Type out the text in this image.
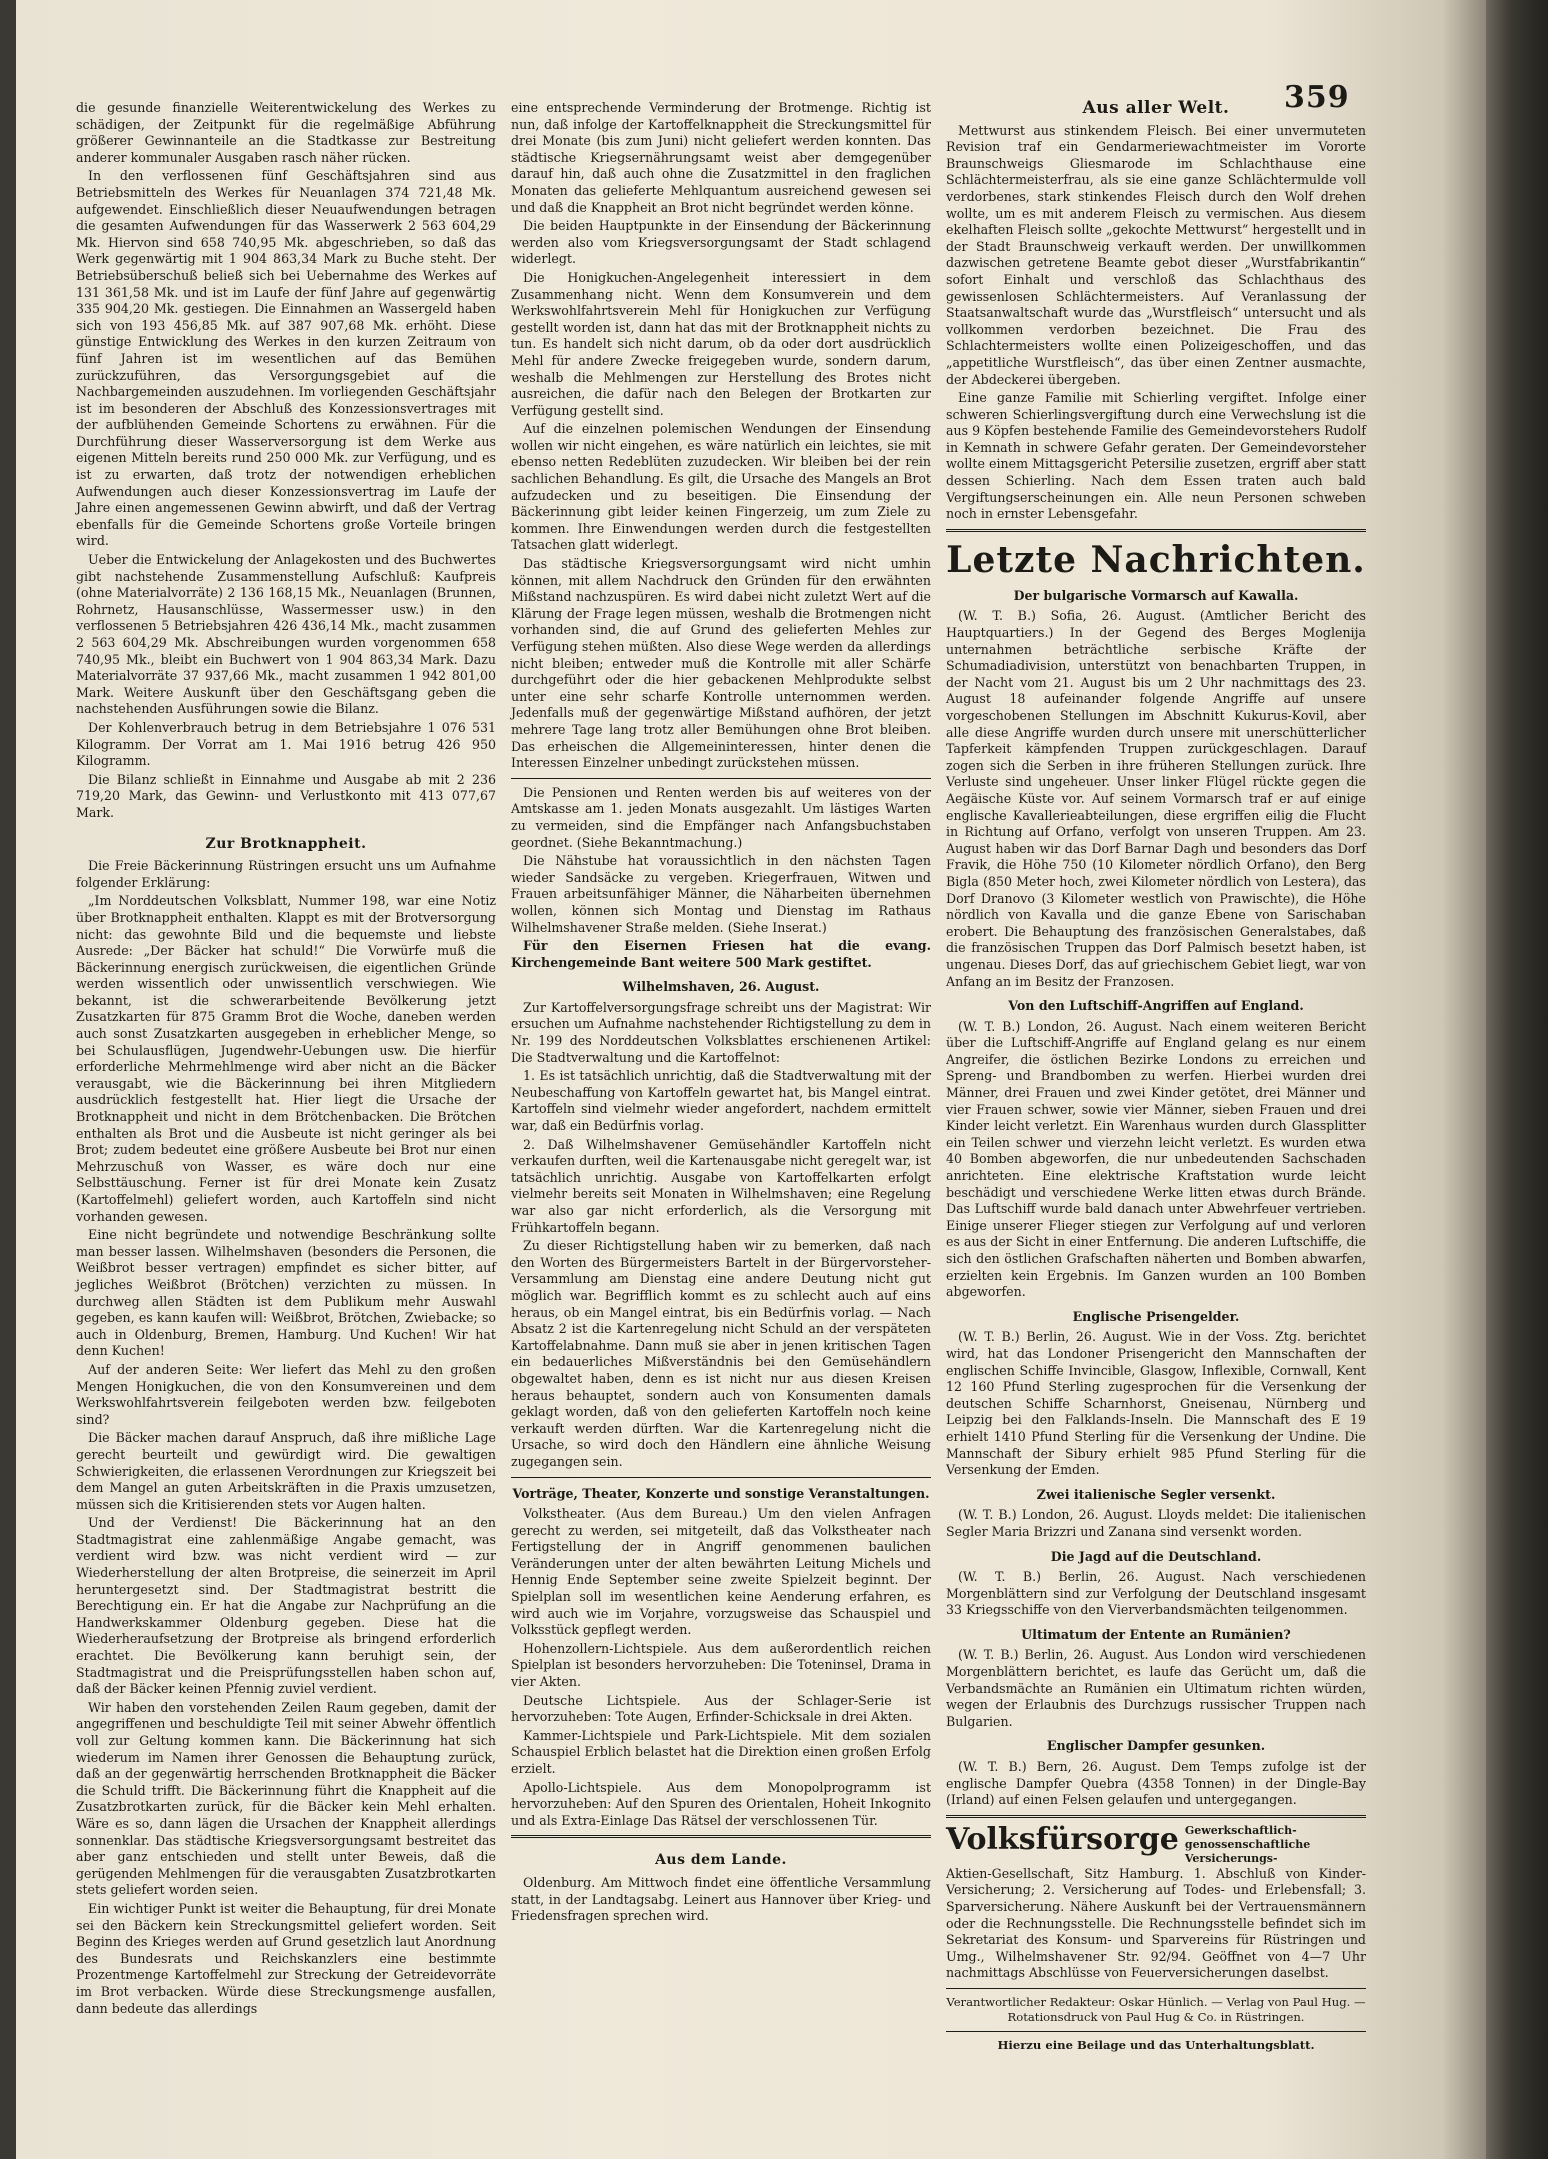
359

die gesunde finanzielle Weiterentwickelung des Werkes zu schädigen, der Zeitpunkt für die regelmäßige Abführung größerer Gewinnanteile an die Stadtkasse zur Bestreitung anderer kommunaler Ausgaben rasch näher rücken.

In den verflossenen fünf Geschäftsjahren sind aus Betriebsmitteln des Werkes für Neuanlagen 374 721,48 Mk. aufgewendet. Einschließlich dieser Neuaufwendungen betragen die gesamten Aufwendungen für das Wasserwerk 2 563 604,29 Mk. Hiervon sind 658 740,95 Mk. abgeschrieben, so daß das Werk gegenwärtig mit 1 904 863,34 Mark zu Buche steht. Der Betriebsüberschuß beließ sich bei Uebernahme des Werkes auf 131 361,58 Mk. und ist im Laufe der fünf Jahre auf gegenwärtig 335 904,20 Mk. gestiegen. Die Einnahmen an Wassergeld haben sich von 193 456,85 Mk. auf 387 907,68 Mk. erhöht. Diese günstige Entwicklung des Werkes in den kurzen Zeitraum von fünf Jahren ist im wesentlichen auf das Bemühen zurückzuführen, das Versorgungsgebiet auf die Nachbargemeinden auszudehnen. Im vorliegenden Geschäftsjahr ist im besonderen der Abschluß des Konzessionsvertrages mit der aufblühenden Gemeinde Schortens zu erwähnen. Für die Durchführung dieser Wasserversorgung ist dem Werke aus eigenen Mitteln bereits rund 250 000 Mk. zur Verfügung, und es ist zu erwarten, daß trotz der notwendigen erheblichen Aufwendungen auch dieser Konzessionsvertrag im Laufe der Jahre einen angemessenen Gewinn abwirft, und daß der Vertrag ebenfalls für die Gemeinde Schortens große Vorteile bringen wird.

Ueber die Entwickelung der Anlagekosten und des Buchwertes gibt nachstehende Zusammenstellung Aufschluß: Kaufpreis (ohne Materialvorräte) 2 136 168,15 Mk., Neuanlagen (Brunnen, Rohrnetz, Hausanschlüsse, Wassermesser usw.) in den verflossenen 5 Betriebsjahren 426 436,14 Mk., macht zusammen 2 563 604,29 Mk. Abschreibungen wurden vorgenommen 658 740,95 Mk., bleibt ein Buchwert von 1 904 863,34 Mark. Dazu Materialvorräte 37 937,66 Mk., macht zusammen 1 942 801,00 Mark. Weitere Auskunft über den Geschäftsgang geben die nachstehenden Ausführungen sowie die Bilanz.

Der Kohlenverbrauch betrug in dem Betriebsjahre 1 076 531 Kilogramm. Der Vorrat am 1. Mai 1916 betrug 426 950 Kilogramm.

Die Bilanz schließt in Einnahme und Ausgabe ab mit 2 236 719,20 Mark, das Gewinn- und Verlustkonto mit 413 077,67 Mark.

Zur Brotknappheit.

Die Freie Bäckerinnung Rüstringen ersucht uns um Aufnahme folgender Erklärung:

„Im Norddeutschen Volksblatt, Nummer 198, war eine Notiz über Brotknappheit enthalten. Klappt es mit der Brotversorgung nicht: das gewohnte Bild und die bequemste und liebste Ausrede: „Der Bäcker hat schuld!“ Die Vorwürfe muß die Bäckerinnung energisch zurückweisen, die eigentlichen Gründe werden wissentlich oder unwissentlich verschwiegen. Wie bekannt, ist die schwerarbeitende Bevölkerung jetzt Zusatzkarten für 875 Gramm Brot die Woche, daneben werden auch sonst Zusatzkarten ausgegeben in erheblicher Menge, so bei Schulausflügen, Jugendwehr-Uebungen usw. Die hierfür erforderliche Mehrmehlmenge wird aber nicht an die Bäcker verausgabt, wie die Bäckerinnung bei ihren Mitgliedern ausdrücklich festgestellt hat. Hier liegt die Ursache der Brotknappheit und nicht in dem Brötchenbacken. Die Brötchen enthalten als Brot und die Ausbeute ist nicht geringer als bei Brot; zudem bedeutet eine größere Ausbeute bei Brot nur einen Mehrzuschuß von Wasser, es wäre doch nur eine Selbsttäuschung. Ferner ist für drei Monate kein Zusatz (Kartoffelmehl) geliefert worden, auch Kartoffeln sind nicht vorhanden gewesen.

Eine nicht begründete und notwendige Beschränkung sollte man besser lassen. Wilhelmshaven (besonders die Personen, die Weißbrot besser vertragen) empfindet es sicher bitter, auf jegliches Weißbrot (Brötchen) verzichten zu müssen. In durchweg allen Städten ist dem Publikum mehr Auswahl gegeben, es kann kaufen will: Weißbrot, Brötchen, Zwiebacke; so auch in Oldenburg, Bremen, Hamburg. Und Kuchen! Wir hat denn Kuchen!

Auf der anderen Seite: Wer liefert das Mehl zu den großen Mengen Honigkuchen, die von den Konsumvereinen und dem Werkswohlfahrtsverein feilgeboten werden bzw. feilgeboten sind?

Die Bäcker machen darauf Anspruch, daß ihre mißliche Lage gerecht beurteilt und gewürdigt wird. Die gewaltigen Schwierigkeiten, die erlassenen Verordnungen zur Kriegszeit bei dem Mangel an guten Arbeitskräften in die Praxis umzusetzen, müssen sich die Kritisierenden stets vor Augen halten.

Und der Verdienst! Die Bäckerinnung hat an den Stadtmagistrat eine zahlenmäßige Angabe gemacht, was verdient wird bzw. was nicht verdient wird — zur Wiederherstellung der alten Brotpreise, die seinerzeit im April heruntergesetzt sind. Der Stadtmagistrat bestritt die Berechtigung ein. Er hat die Angabe zur Nachprüfung an die Handwerkskammer Oldenburg gegeben. Diese hat die Wiederheraufsetzung der Brotpreise als bringend erforderlich erachtet. Die Bevölkerung kann beruhigt sein, der Stadtmagistrat und die Preisprüfungsstellen haben schon auf, daß der Bäcker keinen Pfennig zuviel verdient.

Wir haben den vorstehenden Zeilen Raum gegeben, damit der angegriffenen und beschuldigte Teil mit seiner Abwehr öffentlich voll zur Geltung kommen kann. Die Bäckerinnung hat sich wiederum im Namen ihrer Genossen die Behauptung zurück, daß an der gegenwärtig herrschenden Brotknappheit die Bäcker die Schuld trifft. Die Bäckerinnung führt die Knappheit auf die Zusatzbrotkarten zurück, für die Bäcker kein Mehl erhalten. Wäre es so, dann lägen die Ursachen der Knappheit allerdings sonnenklar. Das städtische Kriegsversorgungsamt bestreitet das aber ganz entschieden und stellt unter Beweis, daß die gerügenden Mehlmengen für die verausgabten Zusatzbrotkarten stets geliefert worden seien.

Ein wichtiger Punkt ist weiter die Behauptung, für drei Monate sei den Bäckern kein Streckungsmittel geliefert worden. Seit Beginn des Krieges werden auf Grund gesetzlich laut Anordnung des Bundesrats und Reichskanzlers eine bestimmte Prozentmenge Kartoffelmehl zur Streckung der Getreidevorräte im Brot verbacken. Würde diese Streckungsmenge ausfallen, dann bedeute das allerdings

eine entsprechende Verminderung der Brotmenge. Richtig ist nun, daß infolge der Kartoffelknappheit die Streckungsmittel für drei Monate (bis zum Juni) nicht geliefert werden konnten. Das städtische Kriegsernährungsamt weist aber demgegenüber darauf hin, daß auch ohne die Zusatzmittel in den fraglichen Monaten das gelieferte Mehlquantum ausreichend gewesen sei und daß die Knappheit an Brot nicht begründet werden könne.

Die beiden Hauptpunkte in der Einsendung der Bäckerinnung werden also vom Kriegsversorgungsamt der Stadt schlagend widerlegt.

Die Honigkuchen-Angelegenheit interessiert in dem Zusammenhang nicht. Wenn dem Konsumverein und dem Werkswohlfahrtsverein Mehl für Honigkuchen zur Verfügung gestellt worden ist, dann hat das mit der Brotknappheit nichts zu tun. Es handelt sich nicht darum, ob da oder dort ausdrücklich Mehl für andere Zwecke freigegeben wurde, sondern darum, weshalb die Mehlmengen zur Herstellung des Brotes nicht ausreichen, die dafür nach den Belegen der Brotkarten zur Verfügung gestellt sind.

Auf die einzelnen polemischen Wendungen der Einsendung wollen wir nicht eingehen, es wäre natürlich ein leichtes, sie mit ebenso netten Redeblüten zuzudecken. Wir bleiben bei der rein sachlichen Behandlung. Es gilt, die Ursache des Mangels an Brot aufzudecken und zu beseitigen. Die Einsendung der Bäckerinnung gibt leider keinen Fingerzeig, um zum Ziele zu kommen. Ihre Einwendungen werden durch die festgestellten Tatsachen glatt widerlegt.

Das städtische Kriegsversorgungsamt wird nicht umhin können, mit allem Nachdruck den Gründen für den erwähnten Mißstand nachzuspüren. Es wird dabei nicht zuletzt Wert auf die Klärung der Frage legen müssen, weshalb die Brotmengen nicht vorhanden sind, die auf Grund des gelieferten Mehles zur Verfügung stehen müßten. Also diese Wege werden da allerdings nicht bleiben; entweder muß die Kontrolle mit aller Schärfe durchgeführt oder die hier gebackenen Mehlprodukte selbst unter eine sehr scharfe Kontrolle unternommen werden. Jedenfalls muß der gegenwärtige Mißstand aufhören, der jetzt mehrere Tage lang trotz aller Bemühungen ohne Brot bleiben. Das erheischen die Allgemeininteressen, hinter denen die Interessen Einzelner unbedingt zurückstehen müssen.

Die Pensionen und Renten werden bis auf weiteres von der Amtskasse am 1. jeden Monats ausgezahlt. Um lästiges Warten zu vermeiden, sind die Empfänger nach Anfangsbuchstaben geordnet. (Siehe Bekanntmachung.)

Die Nähstube hat voraussichtlich in den nächsten Tagen wieder Sandsäcke zu vergeben. Kriegerfrauen, Witwen und Frauen arbeitsunfähiger Männer, die Näharbeiten übernehmen wollen, können sich Montag und Dienstag im Rathaus Wilhelmshavener Straße melden. (Siehe Inserat.)

Für den Eisernen Friesen hat die evang. Kirchengemeinde Bant weitere 500 Mark gestiftet.

Wilhelmshaven, 26. August.

Zur Kartoffelversorgungsfrage schreibt uns der Magistrat: Wir ersuchen um Aufnahme nachstehender Richtigstellung zu dem in Nr. 199 des Norddeutschen Volksblattes erschienenen Artikel: Die Stadtverwaltung und die Kartoffelnot:

1. Es ist tatsächlich unrichtig, daß die Stadtverwaltung mit der Neubeschaffung von Kartoffeln gewartet hat, bis Mangel eintrat. Kartoffeln sind vielmehr wieder angefordert, nachdem ermittelt war, daß ein Bedürfnis vorlag.

2. Daß Wilhelmshavener Gemüsehändler Kartoffeln nicht verkaufen durften, weil die Kartenausgabe nicht geregelt war, ist tatsächlich unrichtig. Ausgabe von Kartoffelkarten erfolgt vielmehr bereits seit Monaten in Wilhelmshaven; eine Regelung war also gar nicht erforderlich, als die Versorgung mit Frühkartoffeln begann.

Zu dieser Richtigstellung haben wir zu bemerken, daß nach den Worten des Bürgermeisters Bartelt in der Bürgervorsteher-Versammlung am Dienstag eine andere Deutung nicht gut möglich war. Begrifflich kommt es zu schlecht auch auf eins heraus, ob ein Mangel eintrat, bis ein Bedürfnis vorlag. — Nach Absatz 2 ist die Kartenregelung nicht Schuld an der verspäteten Kartoffelabnahme. Dann muß sie aber in jenen kritischen Tagen ein bedauerliches Mißverständnis bei den Gemüsehändlern obgewaltet haben, denn es ist nicht nur aus diesen Kreisen heraus behauptet, sondern auch von Konsumenten damals geklagt worden, daß von den gelieferten Kartoffeln noch keine verkauft werden dürften. War die Kartenregelung nicht die Ursache, so wird doch den Händlern eine ähnliche Weisung zugegangen sein.

Vorträge, Theater, Konzerte und sonstige Veranstaltungen.

Volkstheater. (Aus dem Bureau.) Um den vielen Anfragen gerecht zu werden, sei mitgeteilt, daß das Volkstheater nach Fertigstellung der in Angriff genommenen baulichen Veränderungen unter der alten bewährten Leitung Michels und Hennig Ende September seine zweite Spielzeit beginnt. Der Spielplan soll im wesentlichen keine Aenderung erfahren, es wird auch wie im Vorjahre, vorzugsweise das Schauspiel und Volksstück gepflegt werden.

Hohenzollern-Lichtspiele. Aus dem außerordentlich reichen Spielplan ist besonders hervorzuheben: Die Toteninsel, Drama in vier Akten.

Deutsche Lichtspiele. Aus der Schlager-Serie ist hervorzuheben: Tote Augen, Erfinder-Schicksale in drei Akten.

Kammer-Lichtspiele und Park-Lichtspiele. Mit dem sozialen Schauspiel Erblich belastet hat die Direktion einen großen Erfolg erzielt.

Apollo-Lichtspiele. Aus dem Monopolprogramm ist hervorzuheben: Auf den Spuren des Orientalen, Hoheit Inkognito und als Extra-Einlage Das Rätsel der verschlossenen Tür.

Aus dem Lande.

Oldenburg. Am Mittwoch findet eine öffentliche Versammlung statt, in der Landtagsabg. Leinert aus Hannover über Krieg- und Friedensfragen sprechen wird.

Aus aller Welt.

Mettwurst aus stinkendem Fleisch. Bei einer unvermuteten Revision traf ein Gendarmeriewachtmeister im Vororte Braunschweigs Gliesmarode im Schlachthause eine Schlächtermeisterfrau, als sie eine ganze Schlächtermulde voll verdorbenes, stark stinkendes Fleisch durch den Wolf drehen wollte, um es mit anderem Fleisch zu vermischen. Aus diesem ekelhaften Fleisch sollte „gekochte Mettwurst“ hergestellt und in der Stadt Braunschweig verkauft werden. Der unwillkommen dazwischen getretene Beamte gebot dieser „Wurstfabrikantin“ sofort Einhalt und verschloß das Schlachthaus des gewissenlosen Schlächtermeisters. Auf Veranlassung der Staatsanwaltschaft wurde das „Wurstfleisch“ untersucht und als vollkommen verdorben bezeichnet. Die Frau des Schlachtermeisters wollte einen Polizeigeschoffen, und das „appetitliche Wurstfleisch“, das über einen Zentner ausmachte, der Abdeckerei übergeben.

Eine ganze Familie mit Schierling vergiftet. Infolge einer schweren Schierlingsvergiftung durch eine Verwechslung ist die aus 9 Köpfen bestehende Familie des Gemeindevorstehers Rudolf in Kemnath in schwere Gefahr geraten. Der Gemeindevorsteher wollte einem Mittagsgericht Petersilie zusetzen, ergriff aber statt dessen Schierling. Nach dem Essen traten auch bald Vergiftungserscheinungen ein. Alle neun Personen schweben noch in ernster Lebensgefahr.

Letzte Nachrichten.
Der bulgarische Vormarsch auf Kawalla.

(W. T. B.) Sofia, 26. August. (Amtlicher Bericht des Hauptquartiers.) In der Gegend des Berges Moglenija unternahmen beträchtliche serbische Kräfte der Schumadiadivision, unterstützt von benachbarten Truppen, in der Nacht vom 21. August bis um 2 Uhr nachmittags des 23. August 18 aufeinander folgende Angriffe auf unsere vorgeschobenen Stellungen im Abschnitt Kukurus-Kovil, aber alle diese Angriffe wurden durch unsere mit unerschütterlicher Tapferkeit kämpfenden Truppen zurückgeschlagen. Darauf zogen sich die Serben in ihre früheren Stellungen zurück. Ihre Verluste sind ungeheuer. Unser linker Flügel rückte gegen die Aegäische Küste vor. Auf seinem Vormarsch traf er auf einige englische Kavallerieabteilungen, diese ergriffen eilig die Flucht in Richtung auf Orfano, verfolgt von unseren Truppen. Am 23. August haben wir das Dorf Barnar Dagh und besonders das Dorf Fravik, die Höhe 750 (10 Kilometer nördlich Orfano), den Berg Bigla (850 Meter hoch, zwei Kilometer nördlich von Lestera), das Dorf Dranovo (3 Kilometer westlich von Prawischte), die Höhe nördlich von Kavalla und die ganze Ebene von Sarischaban erobert. Die Behauptung des französischen Generalstabes, daß die französischen Truppen das Dorf Palmisch besetzt haben, ist ungenau. Dieses Dorf, das auf griechischem Gebiet liegt, war von Anfang an im Besitz der Franzosen.

Von den Luftschiff-Angriffen auf England.

(W. T. B.) London, 26. August. Nach einem weiteren Bericht über die Luftschiff-Angriffe auf England gelang es nur einem Angreifer, die östlichen Bezirke Londons zu erreichen und Spreng- und Brandbomben zu werfen. Hierbei wurden drei Männer, drei Frauen und zwei Kinder getötet, drei Männer und vier Frauen schwer, sowie vier Männer, sieben Frauen und drei Kinder leicht verletzt. Ein Warenhaus wurden durch Glassplitter ein Teilen schwer und vierzehn leicht verletzt. Es wurden etwa 40 Bomben abgeworfen, die nur unbedeutenden Sachschaden anrichteten. Eine elektrische Kraftstation wurde leicht beschädigt und verschiedene Werke litten etwas durch Brände. Das Luftschiff wurde bald danach unter Abwehrfeuer vertrieben. Einige unserer Flieger stiegen zur Verfolgung auf und verloren es aus der Sicht in einer Entfernung. Die anderen Luftschiffe, die sich den östlichen Grafschaften näherten und Bomben abwarfen, erzielten kein Ergebnis. Im Ganzen wurden an 100 Bomben abgeworfen.

Englische Prisengelder.

(W. T. B.) Berlin, 26. August. Wie in der Voss. Ztg. berichtet wird, hat das Londoner Prisengericht den Mannschaften der englischen Schiffe Invincible, Glasgow, Inflexible, Cornwall, Kent 12 160 Pfund Sterling zugesprochen für die Versenkung der deutschen Schiffe Scharnhorst, Gneisenau, Nürnberg und Leipzig bei den Falklands-Inseln. Die Mannschaft des E 19 erhielt 1410 Pfund Sterling für die Versenkung der Undine. Die Mannschaft der Sibury erhielt 985 Pfund Sterling für die Versenkung der Emden.

Zwei italienische Segler versenkt.

(W. T. B.) London, 26. August. Lloyds meldet: Die italienischen Segler Maria Brizzri und Zanana sind versenkt worden.

Die Jagd auf die Deutschland.

(W. T. B.) Berlin, 26. August. Nach verschiedenen Morgenblättern sind zur Verfolgung der Deutschland insgesamt 33 Kriegsschiffe von den Vierverbandsmächten teilgenommen.

Ultimatum der Entente an Rumänien?

(W. T. B.) Berlin, 26. August. Aus London wird verschiedenen Morgenblättern berichtet, es laufe das Gerücht um, daß die Verbandsmächte an Rumänien ein Ultimatum richten würden, wegen der Erlaubnis des Durchzugs russischer Truppen nach Bulgarien.

Englischer Dampfer gesunken.

(W. T. B.) Bern, 26. August. Dem Temps zufolge ist der englische Dampfer Quebra (4358 Tonnen) in der Dingle-Bay (Irland) auf einen Felsen gelaufen und untergegangen.

Volksfürsorge Gewerkschaftlich-genossenschaftliche Versicherungs-

Aktien-Gesellschaft, Sitz Hamburg. 1. Abschluß von Kinder-Versicherung; 2. Versicherung auf Todes- und Erlebensfall; 3. Sparversicherung. Nähere Auskunft bei der Vertrauensmännern oder die Rechnungsstelle. Die Rechnungsstelle befindet sich im Sekretariat des Konsum- und Sparvereins für Rüstringen und Umg., Wilhelmshavener Str. 92/94. Geöffnet von 4—7 Uhr nachmittags Abschlüsse von Feuerversicherungen daselbst.

Verantwortlicher Redakteur: Oskar Hünlich. — Verlag von Paul Hug. — Rotationsdruck von Paul Hug & Co. in Rüstringen.
Hierzu eine Beilage und das Unterhaltungsblatt.
